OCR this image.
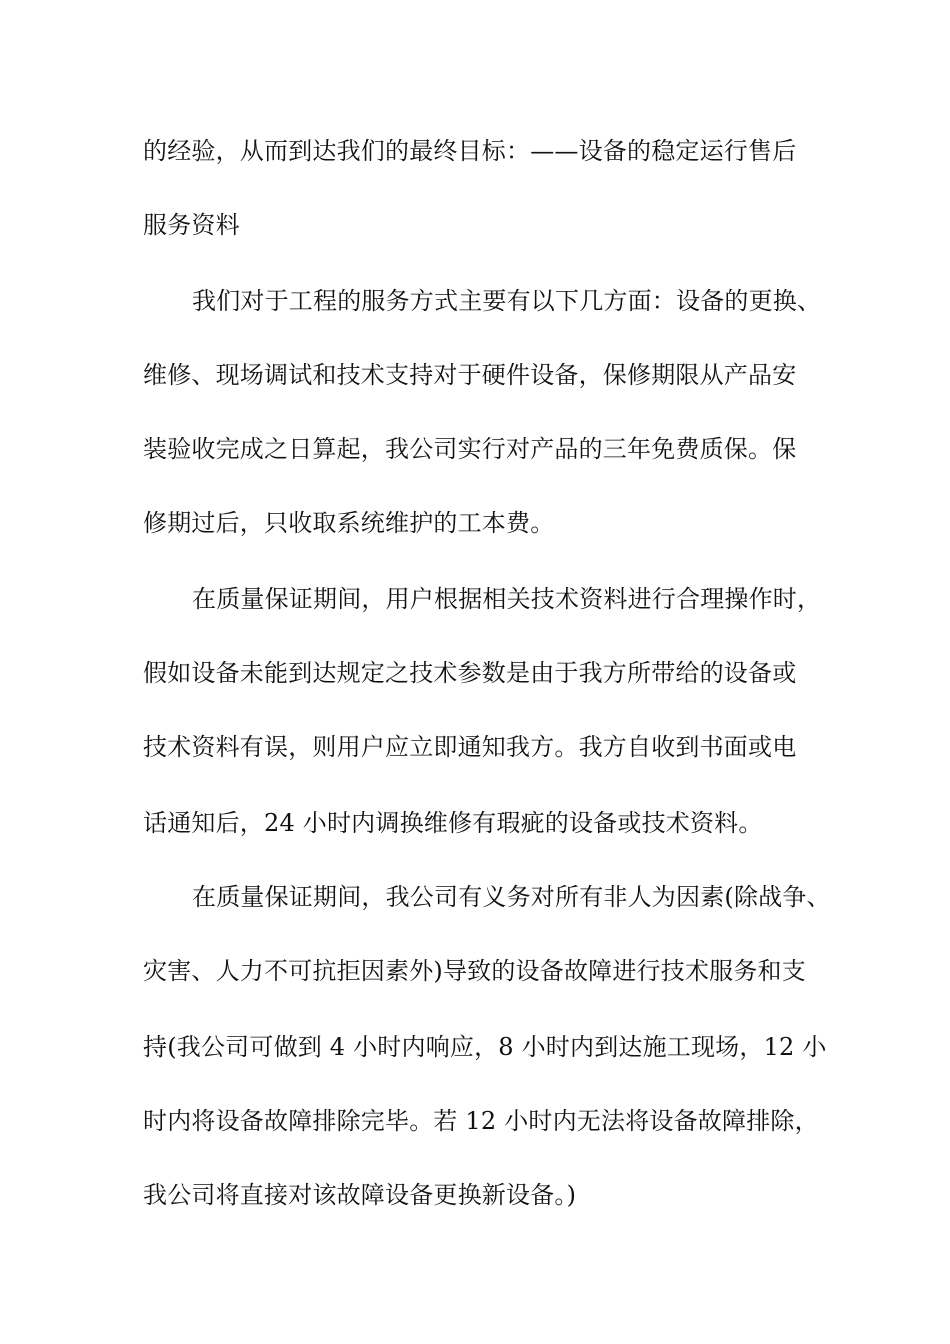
的经验，从而到达我们的最终目标：——设备的稳定运行售后
服务资料
我们对于工程的服务方式主要有以下几方面：设备的更换、
维修、现场调试和技术支持对于硬件设备，保修期限从产品安
装验收完成之日算起，我公司实行对产品的三年免费质保。保
修期过后，只收取系统维护的工本费。
在质量保证期间，用户根据相关技术资料进行合理操作时，
假如设备未能到达规定之技术参数是由于我方所带给的设备或
技术资料有误，则用户应立即通知我方。我方自收到书面或电
话通知后，24 小时内调换维修有瑕疵的设备或技术资料。
在质量保证期间，我公司有义务对所有非人为因素(除战争、
灾害、人力不可抗拒因素外)导致的设备故障进行技术服务和支
持(我公司可做到 4 小时内响应，8 小时内到达施工现场，12 小
时内将设备故障排除完毕。若 12 小时内无法将设备故障排除，
我公司将直接对该故障设备更换新设备。)
